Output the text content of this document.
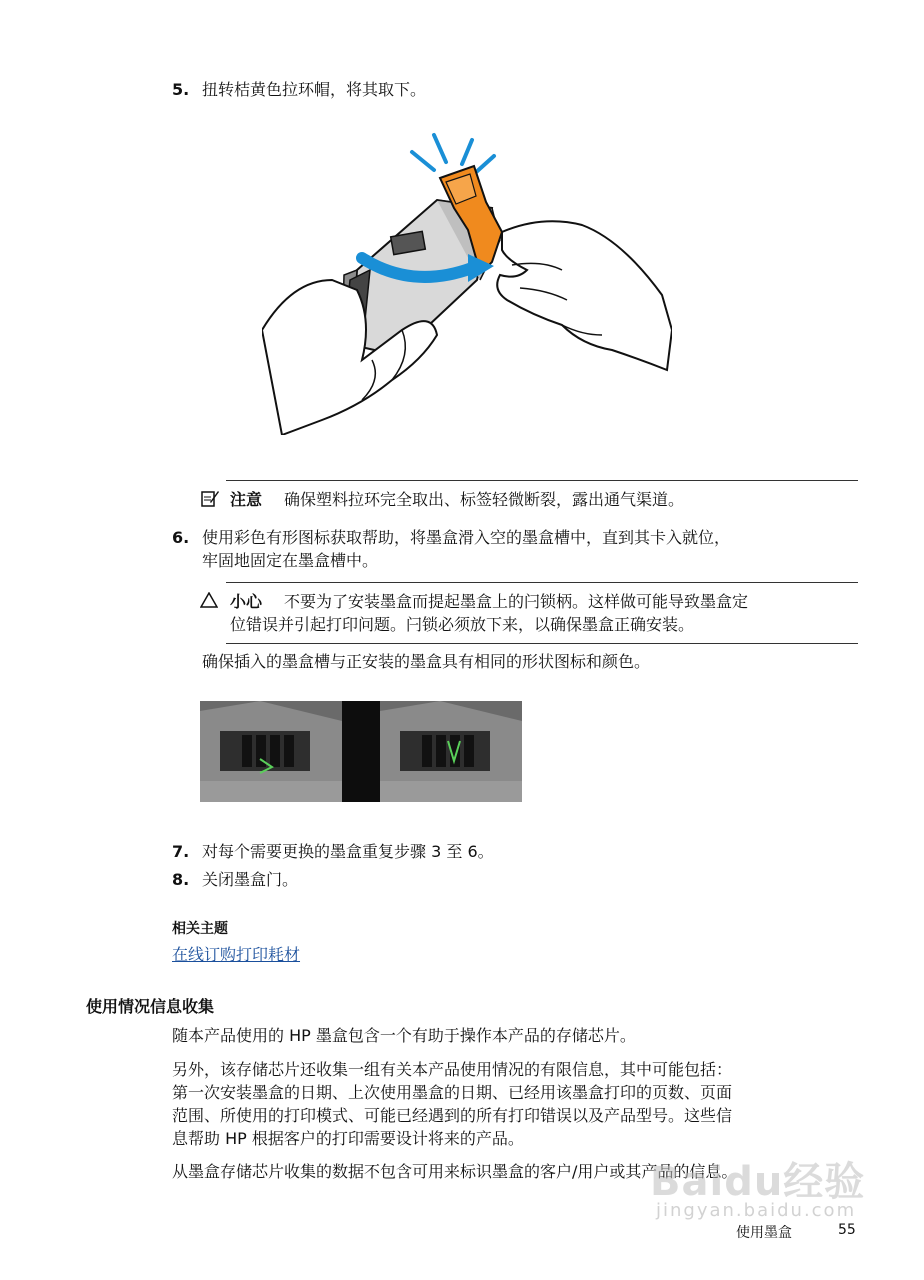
5. 扭转桔黄色拉环帽，将其取下。
注意 确保塑料拉环完全取出、标签轻微断裂，露出通气渠道。
6. 使用彩色有形图标获取帮助，将墨盒滑入空的墨盒槽中，直到其卡入就位，
牢固地固定在墨盒槽中。
小心 不要为了安装墨盒而提起墨盒上的闩锁柄。这样做可能导致墨盒定
位错误并引起打印问题。闩锁必须放下来，以确保墨盒正确安装。
确保插入的墨盒槽与正安装的墨盒具有相同的形状图标和颜色。
7. 对每个需要更换的墨盒重复步骤 3 至 6。
8. 关闭墨盒门。
相关主题
在线订购打印耗材
使用情况信息收集
随本产品使用的 HP 墨盒包含一个有助于操作本产品的存储芯片。
另外，该存储芯片还收集一组有关本产品使用情况的有限信息，其中可能包括：
第一次安装墨盒的日期、上次使用墨盒的日期、已经用该墨盒打印的页数、页面
范围、所使用的打印模式、可能已经遇到的所有打印错误以及产品型号。这些信
息帮助 HP 根据客户的打印需要设计将来的产品。
从墨盒存储芯片收集的数据不包含可用来标识墨盒的客户/用户或其产品的信息。
Baidu经验
jingyan.baidu.com
使用墨盒	55
